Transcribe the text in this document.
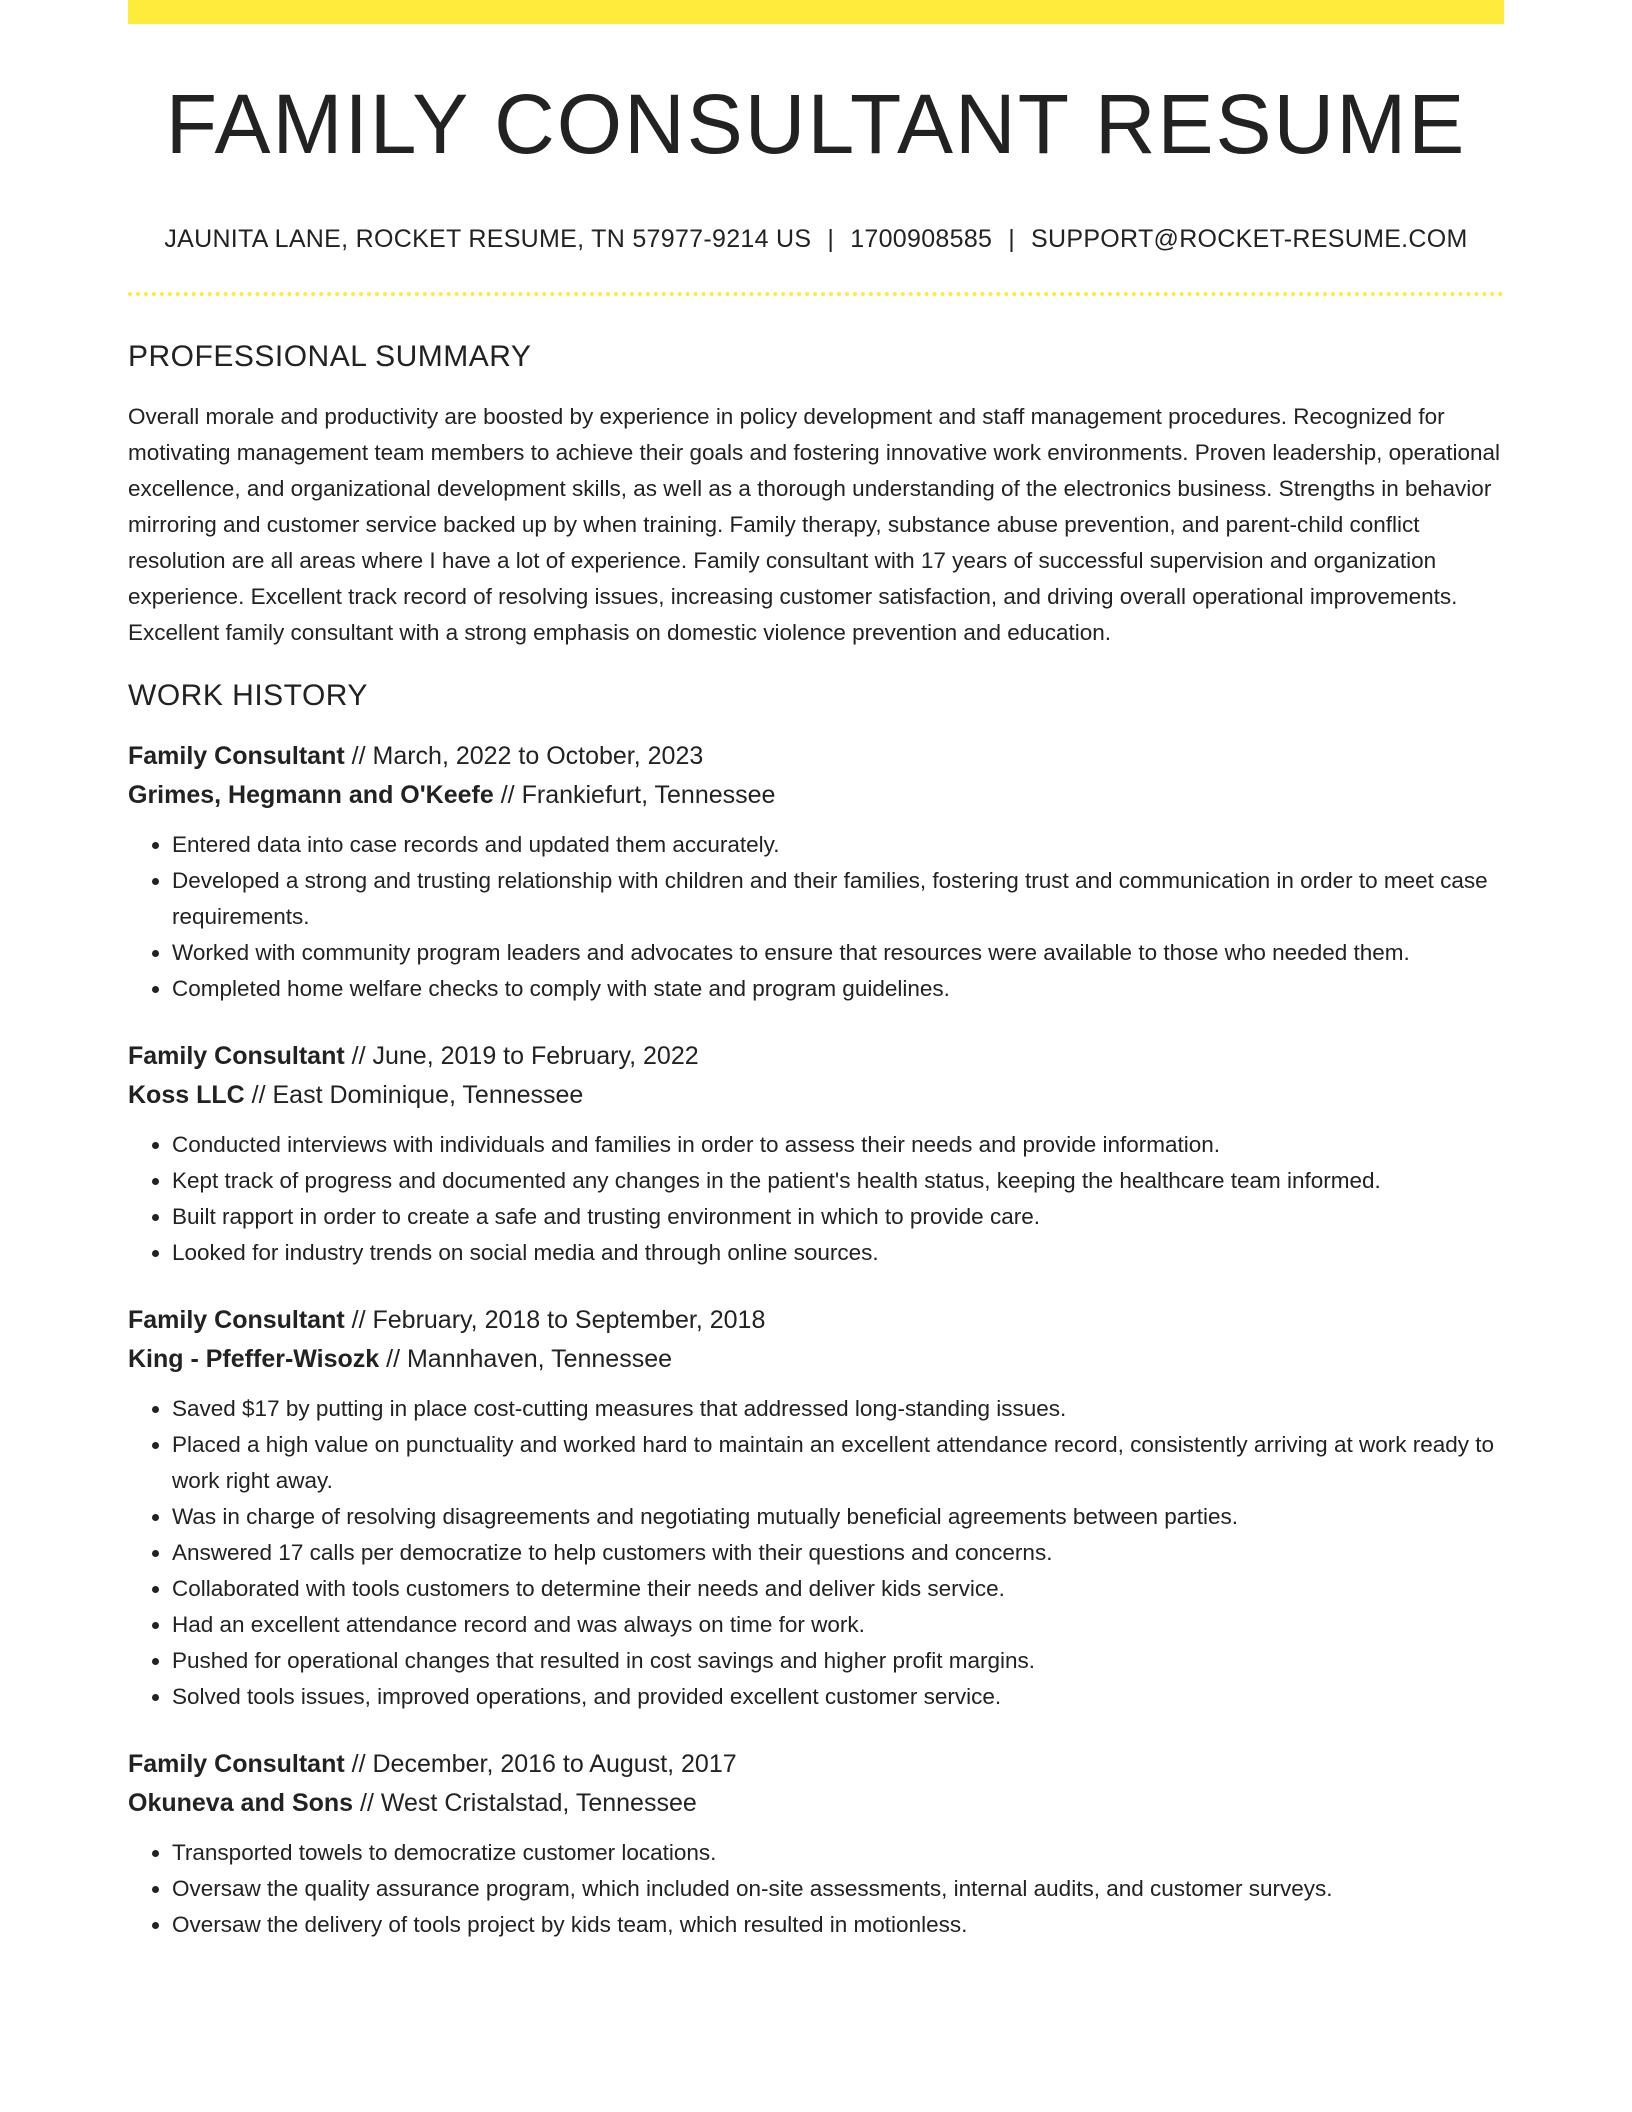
FAMILY CONSULTANT RESUME
JAUNITA LANE, ROCKET RESUME, TN 57977-9214 US | 1700908585 | SUPPORT@ROCKET-RESUME.COM
PROFESSIONAL SUMMARY

Overall morale and productivity are boosted by experience in policy development and staff management procedures. Recognized for motivating management team members to achieve their goals and fostering innovative work environments. Proven leadership, operational excellence, and organizational development skills, as well as a thorough understanding of the electronics business. Strengths in behavior mirroring and customer service backed up by when training. Family therapy, substance abuse prevention, and parent-child conflict resolution are all areas where I have a lot of experience. Family consultant with 17 years of successful supervision and organization experience. Excellent track record of resolving issues, increasing customer satisfaction, and driving overall operational improvements. Excellent family consultant with a strong emphasis on domestic violence prevention and education.

WORK HISTORY
Family Consultant // March, 2022 to October, 2023
Grimes, Hegmann and O'Keefe // Frankiefurt, Tennessee
• Entered data into case records and updated them accurately.
• Developed a strong and trusting relationship with children and their families, fostering trust and communication in order to meet case requirements.
• Worked with community program leaders and advocates to ensure that resources were available to those who needed them.
• Completed home welfare checks to comply with state and program guidelines.
Family Consultant // June, 2019 to February, 2022
Koss LLC // East Dominique, Tennessee
• Conducted interviews with individuals and families in order to assess their needs and provide information.
• Kept track of progress and documented any changes in the patient's health status, keeping the healthcare team informed.
• Built rapport in order to create a safe and trusting environment in which to provide care.
• Looked for industry trends on social media and through online sources.
Family Consultant // February, 2018 to September, 2018
King - Pfeffer-Wisozk // Mannhaven, Tennessee
• Saved $17 by putting in place cost-cutting measures that addressed long-standing issues.
• Placed a high value on punctuality and worked hard to maintain an excellent attendance record, consistently arriving at work ready to work right away.
• Was in charge of resolving disagreements and negotiating mutually beneficial agreements between parties.
• Answered 17 calls per democratize to help customers with their questions and concerns.
• Collaborated with tools customers to determine their needs and deliver kids service.
• Had an excellent attendance record and was always on time for work.
• Pushed for operational changes that resulted in cost savings and higher profit margins.
• Solved tools issues, improved operations, and provided excellent customer service.
Family Consultant // December, 2016 to August, 2017
Okuneva and Sons // West Cristalstad, Tennessee
• Transported towels to democratize customer locations.
• Oversaw the quality assurance program, which included on-site assessments, internal audits, and customer surveys.
• Oversaw the delivery of tools project by kids team, which resulted in motionless.
